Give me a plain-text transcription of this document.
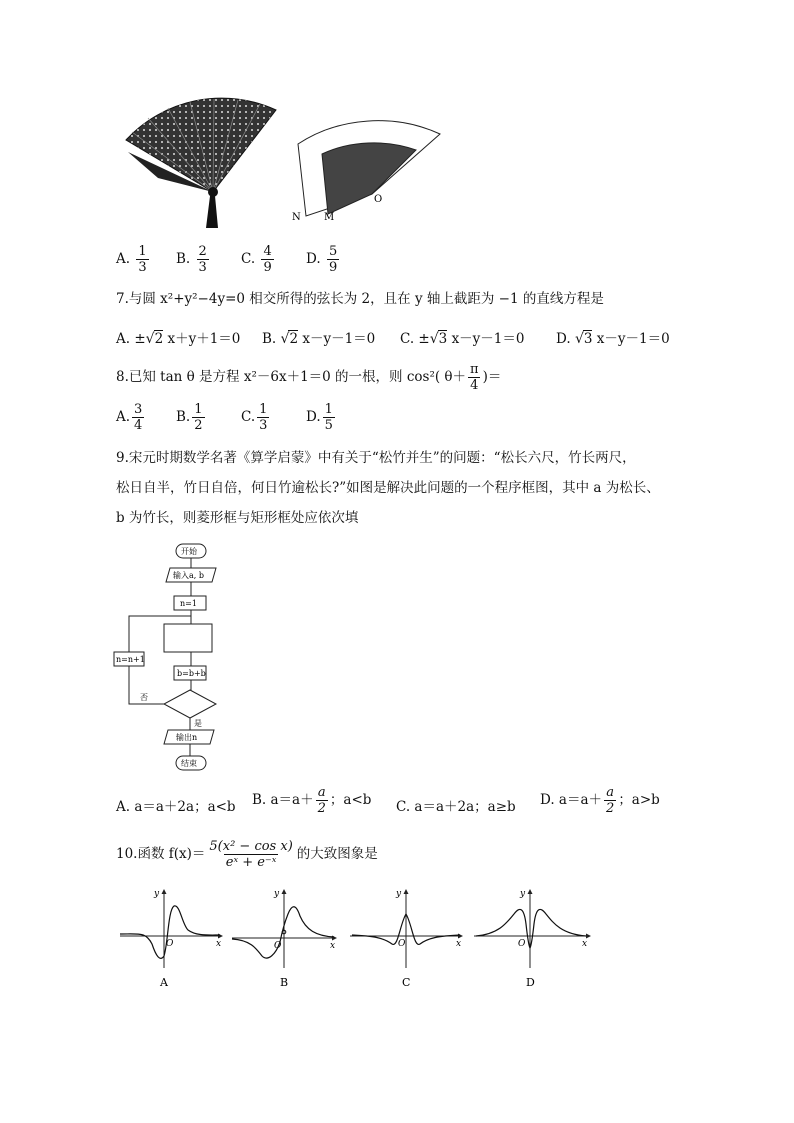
N M
O
A. $\frac{1}{3} B$. $\frac{2}{3} C$. $\frac{4}{9} D$. $\frac{5}{9}$
7.与圆 x²+y²−4y=0 相交所得的弦长为 2，且在 y 轴上截距为 −1 的直线方程是
A. ±√2 x＋y＋1＝0 B. √2 x－y－1＝0 C. ±√3 x－y－1＝0 D. √3 x－y－1＝0
8.已知 tan θ 是方程 x²－6x＋1＝0 的一根，则 cos²( $\theta+ \frac{\pi}{4}$ )＝
A. $\frac{3}{4} B$. $\frac{1}{2}$	C. $\frac{1}{3}$	D. $\frac{1}{5}$
9.宋元时期数学名著《算学启蒙》中有关于“松竹并生”的问题：“松长六尺，竹长两尺，
松日自半，竹日自倍，何日竹逾松长?”如图是解决此问题的一个程序框图，其中 a 为松长、
b 为竹长，则菱形框与矩形框处应依次填
开始
输入a, b
n=1
b=b+b
n=n+1
否
是
输出n
结束
A. a＝a＋2a；a<b B. $a=a+ \frac{a}{2}$ ；a<b C. a＝a＋2a；a≥b D. $a=a+ \frac{a}{2}$ ；a>b
10.函数 $f(x)= \frac{\text{5(x² − cos x)}}{\text{eˣ + e⁻ˣ}}$ 的大致图象是
y
x
O
A
y
x
O
B
y
x
O
C
y
x
O
D
